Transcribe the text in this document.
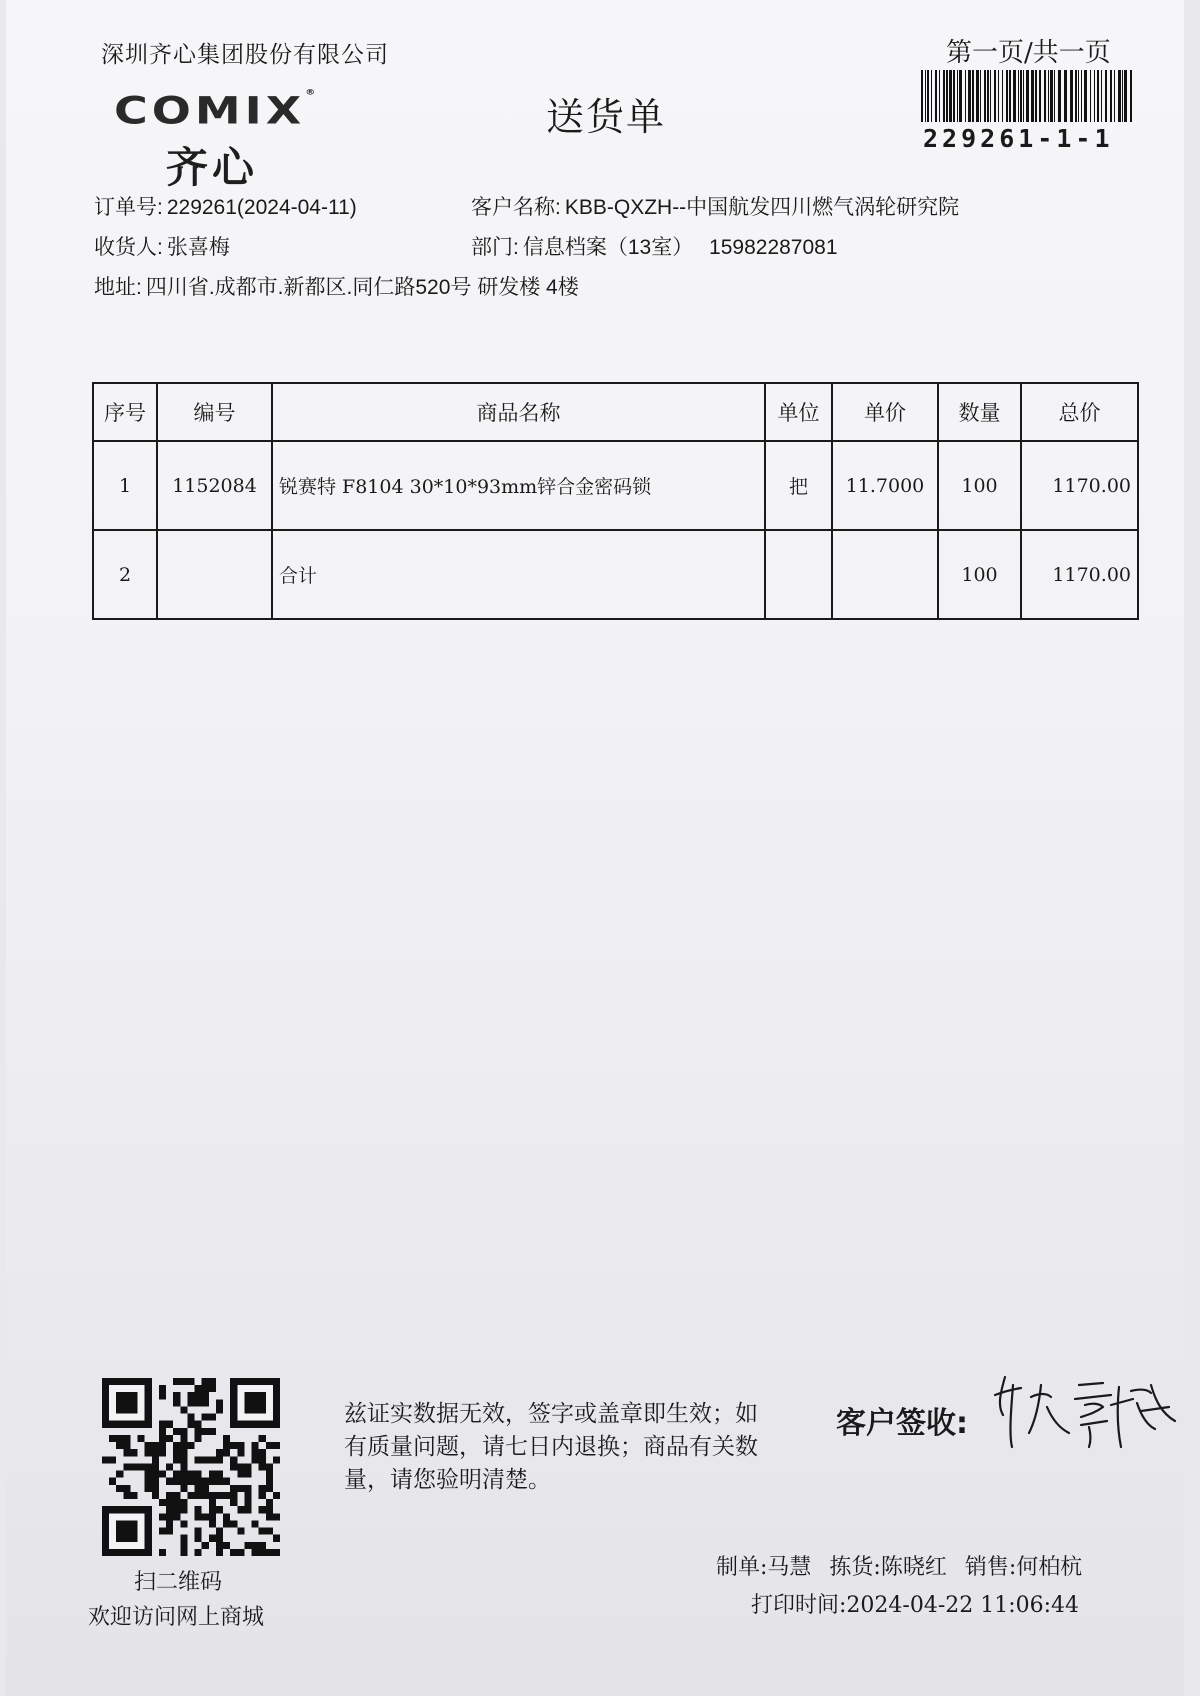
深圳齐心集团股份有限公司
COMIX®
齐心
送货单
第一页/共一页
229261-1-1
订单号: 229261(2024-04-11)	客户名称: KBB-QXZH--中国航发四川燃气涡轮研究院
收货人: 张喜梅	部门: 信息档案（13室） 15982287081
地址: 四川省.成都市.新都区.同仁路520号 研发楼 4楼
序号	编号	商品名称	单位	单价	数量	总价
1	1152084	锐赛特 F8104 30*10*93mm锌合金密码锁	把	11.7000	100	1170.00
2		合计			100	1170.00
扫二维码
欢迎访问网上商城
兹证实数据无效，签字或盖章即生效；如有质量问题，请七日内退换；商品有关数量，请您验明清楚。
客户签收:
制单:马慧 拣货:陈晓红 销售:何柏杭
打印时间:2024-04-22 11:06:44
